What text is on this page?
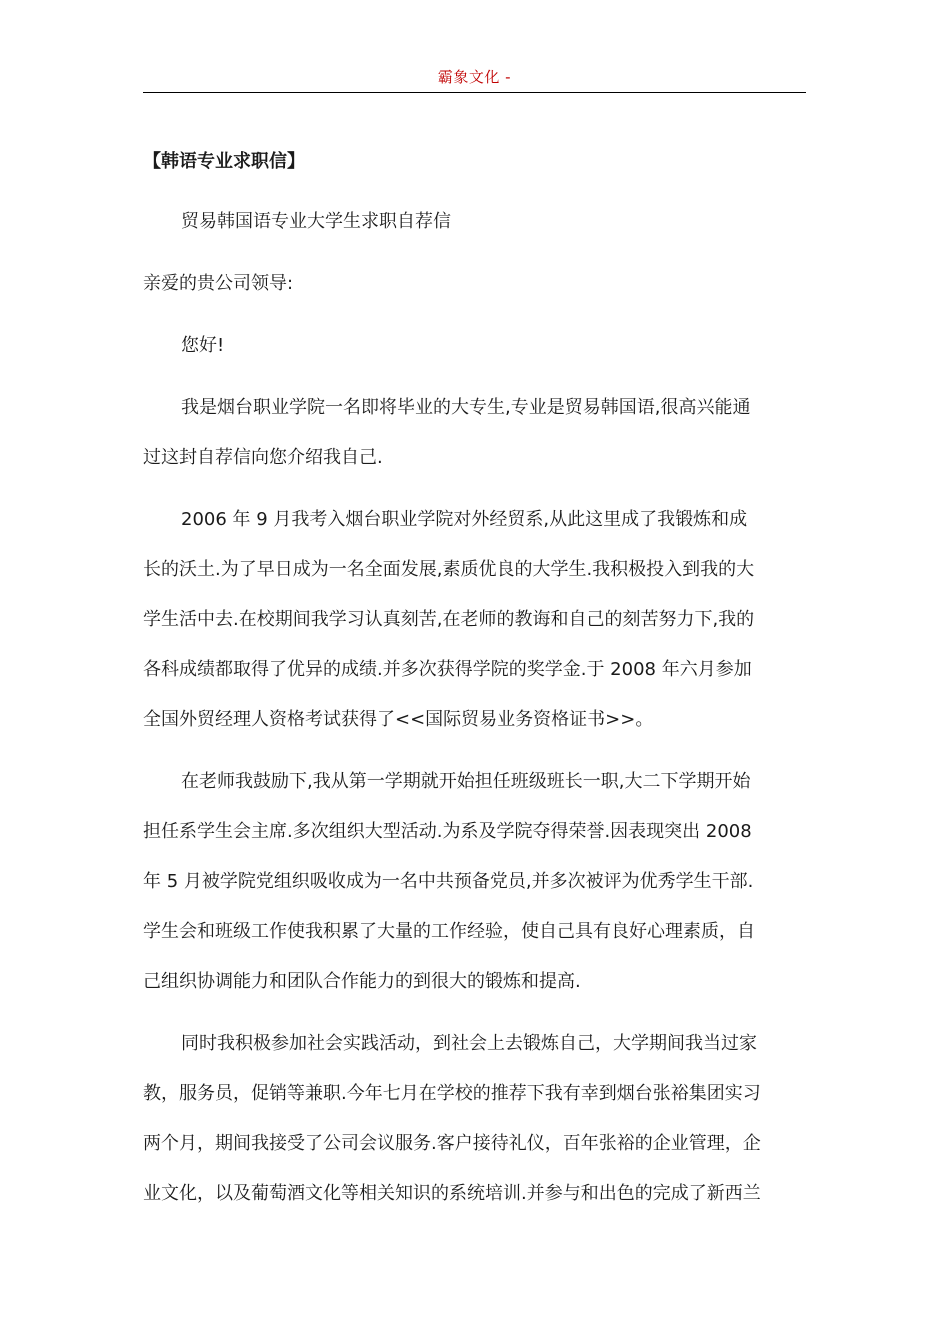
霸象文化 -
【韩语专业求职信】
贸易韩国语专业大学生求职自荐信
亲爱的贵公司领导:
您好!
我是烟台职业学院一名即将毕业的大专生,专业是贸易韩国语,很高兴能通
过这封自荐信向您介绍我自己.
2006 年 9 月我考入烟台职业学院对外经贸系,从此这里成了我锻炼和成
长的沃土.为了早日成为一名全面发展,素质优良的大学生.我积极投入到我的大
学生活中去.在校期间我学习认真刻苦,在老师的教诲和自己的刻苦努力下,我的
各科成绩都取得了优异的成绩.并多次获得学院的奖学金.于 2008 年六月参加
全国外贸经理人资格考试获得了<<国际贸易业务资格证书>>。
在老师我鼓励下,我从第一学期就开始担任班级班长一职,大二下学期开始
担任系学生会主席.多次组织大型活动.为系及学院夺得荣誉.因表现突出 2008
年 5 月被学院党组织吸收成为一名中共预备党员,并多次被评为优秀学生干部.
学生会和班级工作使我积累了大量的工作经验，使自己具有良好心理素质，自
己组织协调能力和团队合作能力的到很大的锻炼和提高.
同时我积极参加社会实践活动，到社会上去锻炼自己，大学期间我当过家
教，服务员，促销等兼职.今年七月在学校的推荐下我有幸到烟台张裕集团实习
两个月，期间我接受了公司会议服务.客户接待礼仪，百年张裕的企业管理，企
业文化，以及葡萄酒文化等相关知识的系统培训.并参与和出色的完成了新西兰
